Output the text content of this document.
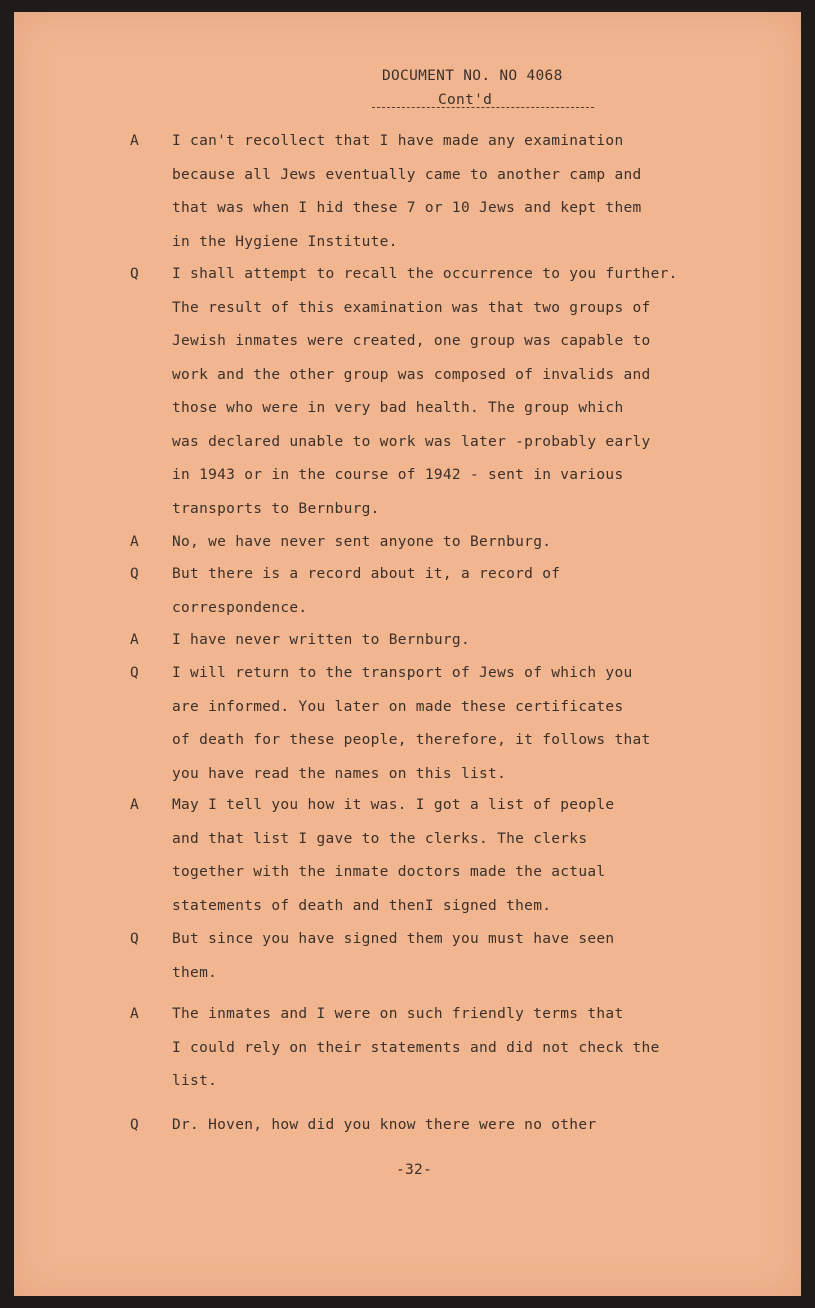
DOCUMENT NO. NO 4068
Cont'd
A I can't recollect that I have made any examination
because all Jews eventually came to another camp and
that was when I hid these 7 or 10 Jews and kept them
in the Hygiene Institute.
Q I shall attempt to recall the occurrence to you further.
The result of this examination was that two groups of
Jewish inmates were created, one group was capable to
work and the other group was composed of invalids and
those who were in very bad health. The group which
was declared unable to work was later -probably early
in 1943 or in the course of 1942 - sent in various
transports to Bernburg.
A No, we have never sent anyone to Bernburg.
Q But there is a record about it, a record of
correspondence.
A I have never written to Bernburg.
Q I will return to the transport of Jews of which you
are informed. You later on made these certificates
of death for these people, therefore, it follows that
you have read the names on this list.
A May I tell you how it was. I got a list of people
and that list I gave to the clerks. The clerks
together with the inmate doctors made the actual
statements of death and thenI signed them.
Q But since you have signed them you must have seen
them.
A The inmates and I were on such friendly terms that
I could rely on their statements and did not check the
list.
Q Dr. Hoven, how did you know there were no other
-32-
